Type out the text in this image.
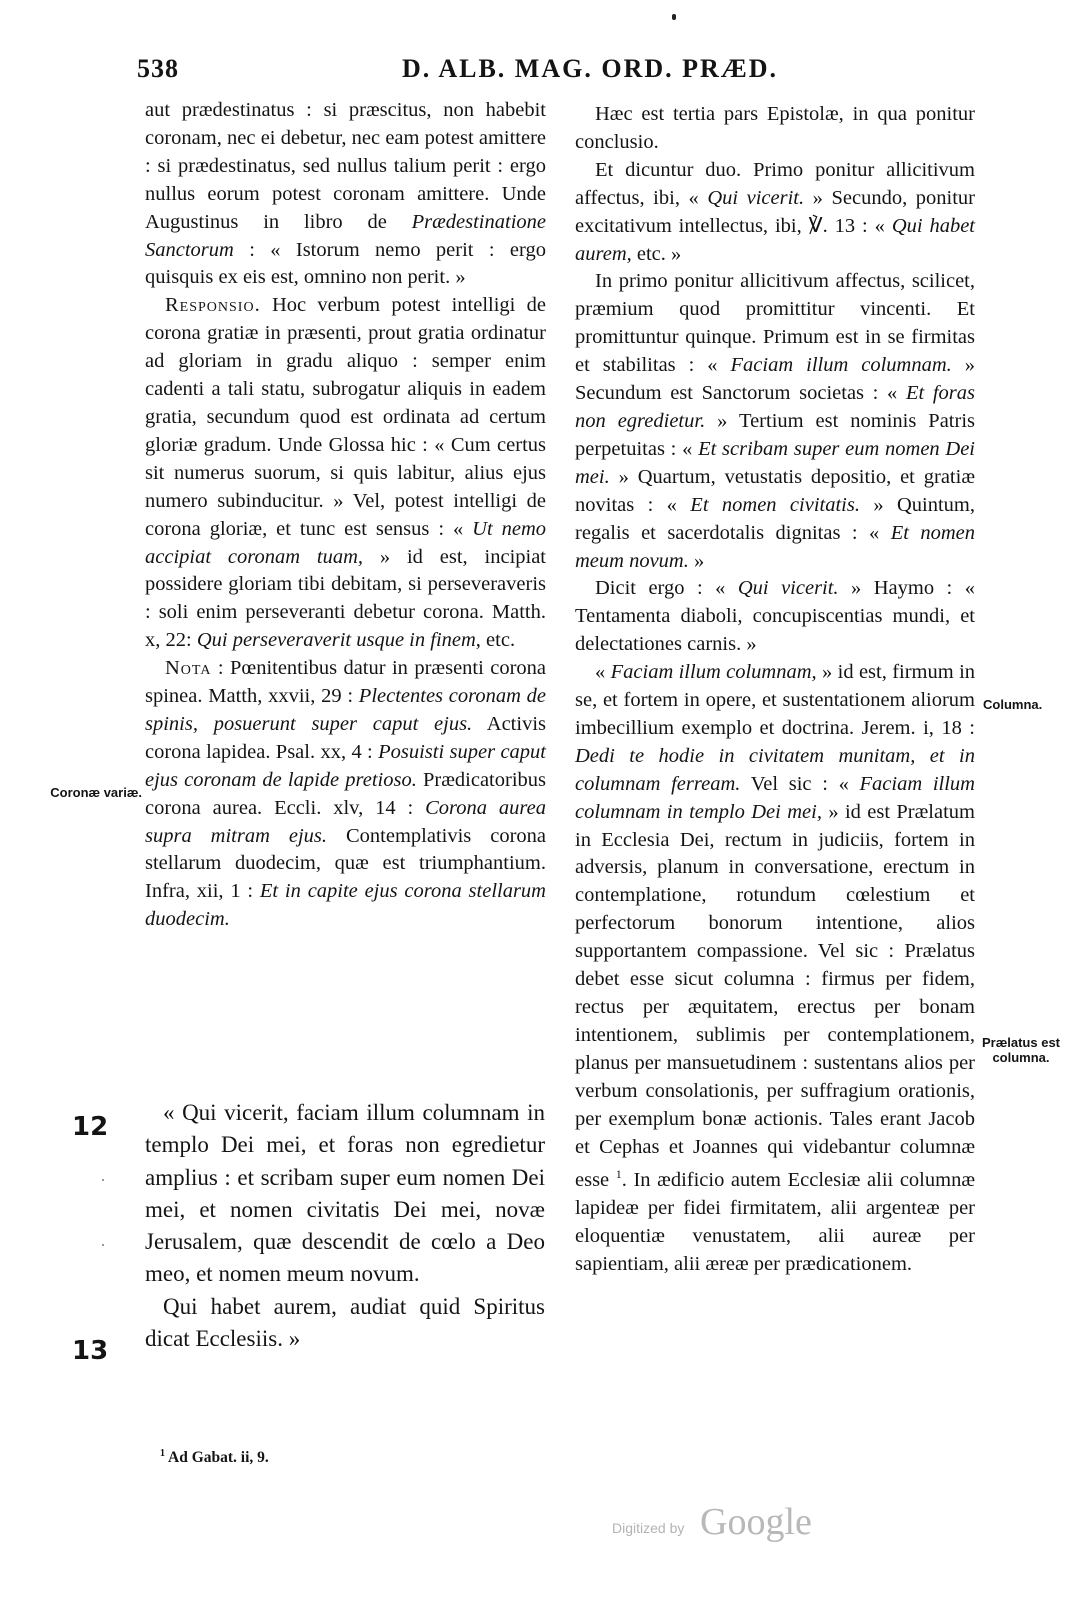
538	D. ALB. MAG. ORD. PRÆD.

aut prædestinatus : si præscitus, non habebit coronam, nec ei debetur, nec eam potest amittere : si prædestinatus, sed nullus talium perit : ergo nullus eorum potest coronam amittere. Unde Augustinus in libro de Prædestinatione Sanctorum : « Istorum nemo perit : ergo quisquis ex eis est, omnino non perit. »

Responsio. Hoc verbum potest intelligi de corona gratiæ in præsenti, prout gratia ordinatur ad gloriam in gradu aliquo : semper enim cadenti a tali statu, subrogatur aliquis in eadem gratia, secundum quod est ordinata ad certum gloriæ gradum. Unde Glossa hic : « Cum certus sit numerus suorum, si quis labitur, alius ejus numero subinducitur. » Vel, potest intelligi de corona gloriæ, et tunc est sensus : « Ut nemo accipiat coronam tuam, » id est, incipiat possidere gloriam tibi debitam, si perseveraveris : soli enim perseveranti debetur corona. Matth. x, 22: Qui perseveraverit usque in finem, etc.

Nota : Pœnitentibus datur in præsenti corona spinea. Matth, xxvii, 29 : Plectentes coronam de spinis, posuerunt super caput ejus. Activis corona lapidea. Psal. xx, 4 : Posuisti super caput ejus coronam de lapide pretioso. Prædicatoribus corona aurea. Eccli. xlv, 14 : Corona aurea supra mitram ejus. Contemplativis corona stellarum duodecim, quæ est triumphantium. Infra, xii, 1 : Et in capite ejus corona stellarum duodecim.

Hæc est tertia pars Epistolæ, in qua ponitur conclusio.

Et dicuntur duo. Primo ponitur allicitivum affectus, ibi, « Qui vicerit. » Secundo, ponitur excitativum intellectus, ibi, ℣. 13 : « Qui habet aurem, etc. »

In primo ponitur allicitivum affectus, scilicet, præmium quod promittitur vincenti. Et promittuntur quinque. Primum est in se firmitas et stabilitas : « Faciam illum columnam. » Secundum est Sanctorum societas : « Et foras non egredietur. » Tertium est nominis Patris perpetuitas : « Et scribam super eum nomen Dei mei. » Quartum, vetustatis depositio, et gratiæ novitas : « Et nomen civitatis. » Quintum, regalis et sacerdotalis dignitas : « Et nomen meum novum. »

Dicit ergo : « Qui vicerit. » Haymo : « Tentamenta diaboli, concupiscentias mundi, et delectationes carnis. »

« Faciam illum columnam, » id est, firmum in se, et fortem in opere, et sustentationem aliorum imbecillium exemplo et doctrina. Jerem. i, 18 : Dedi te hodie in civitatem munitam, et in columnam ferream. Vel sic : « Faciam illum columnam in templo Dei mei, » id est Prælatum in Ecclesia Dei, rectum in judiciis, fortem in adversis, planum in conversatione, erectum in contemplatione, rotundum cœlestium et perfectorum bonorum intentione, alios supportantem compassione. Vel sic : Prælatus debet esse sicut columna : firmus per fidem, rectus per æquitatem, erectus per bonam intentionem, sublimis per contemplationem, planus per mansuetudinem : sustentans alios per verbum consolationis, per suffragium orationis, per exemplum bonæ actionis. Tales erant Jacob et Cephas et Joannes qui videbantur columnæ esse $^1$. In ædificio autem Ecclesiæ alii columnæ lapideæ per fidei firmitatem, alii argenteæ per eloquentiæ venustatem, alii aureæ per sapientiam, alii æreæ per prædicationem.

Coronæ variæ.
Columna.
Prælatus est columna.
12
13

« Qui vicerit, faciam illum columnam in templo Dei mei, et foras non egredietur amplius : et scribam super eum nomen Dei mei, et nomen civitatis Dei mei, novæ Jerusalem, quæ descendit de cœlo a Deo meo, et nomen meum novum.

Qui habet aurem, audiat quid Spiritus dicat Ecclesiis. »

$^1$ Ad Gabat. ii, 9.
Digitized by Google
